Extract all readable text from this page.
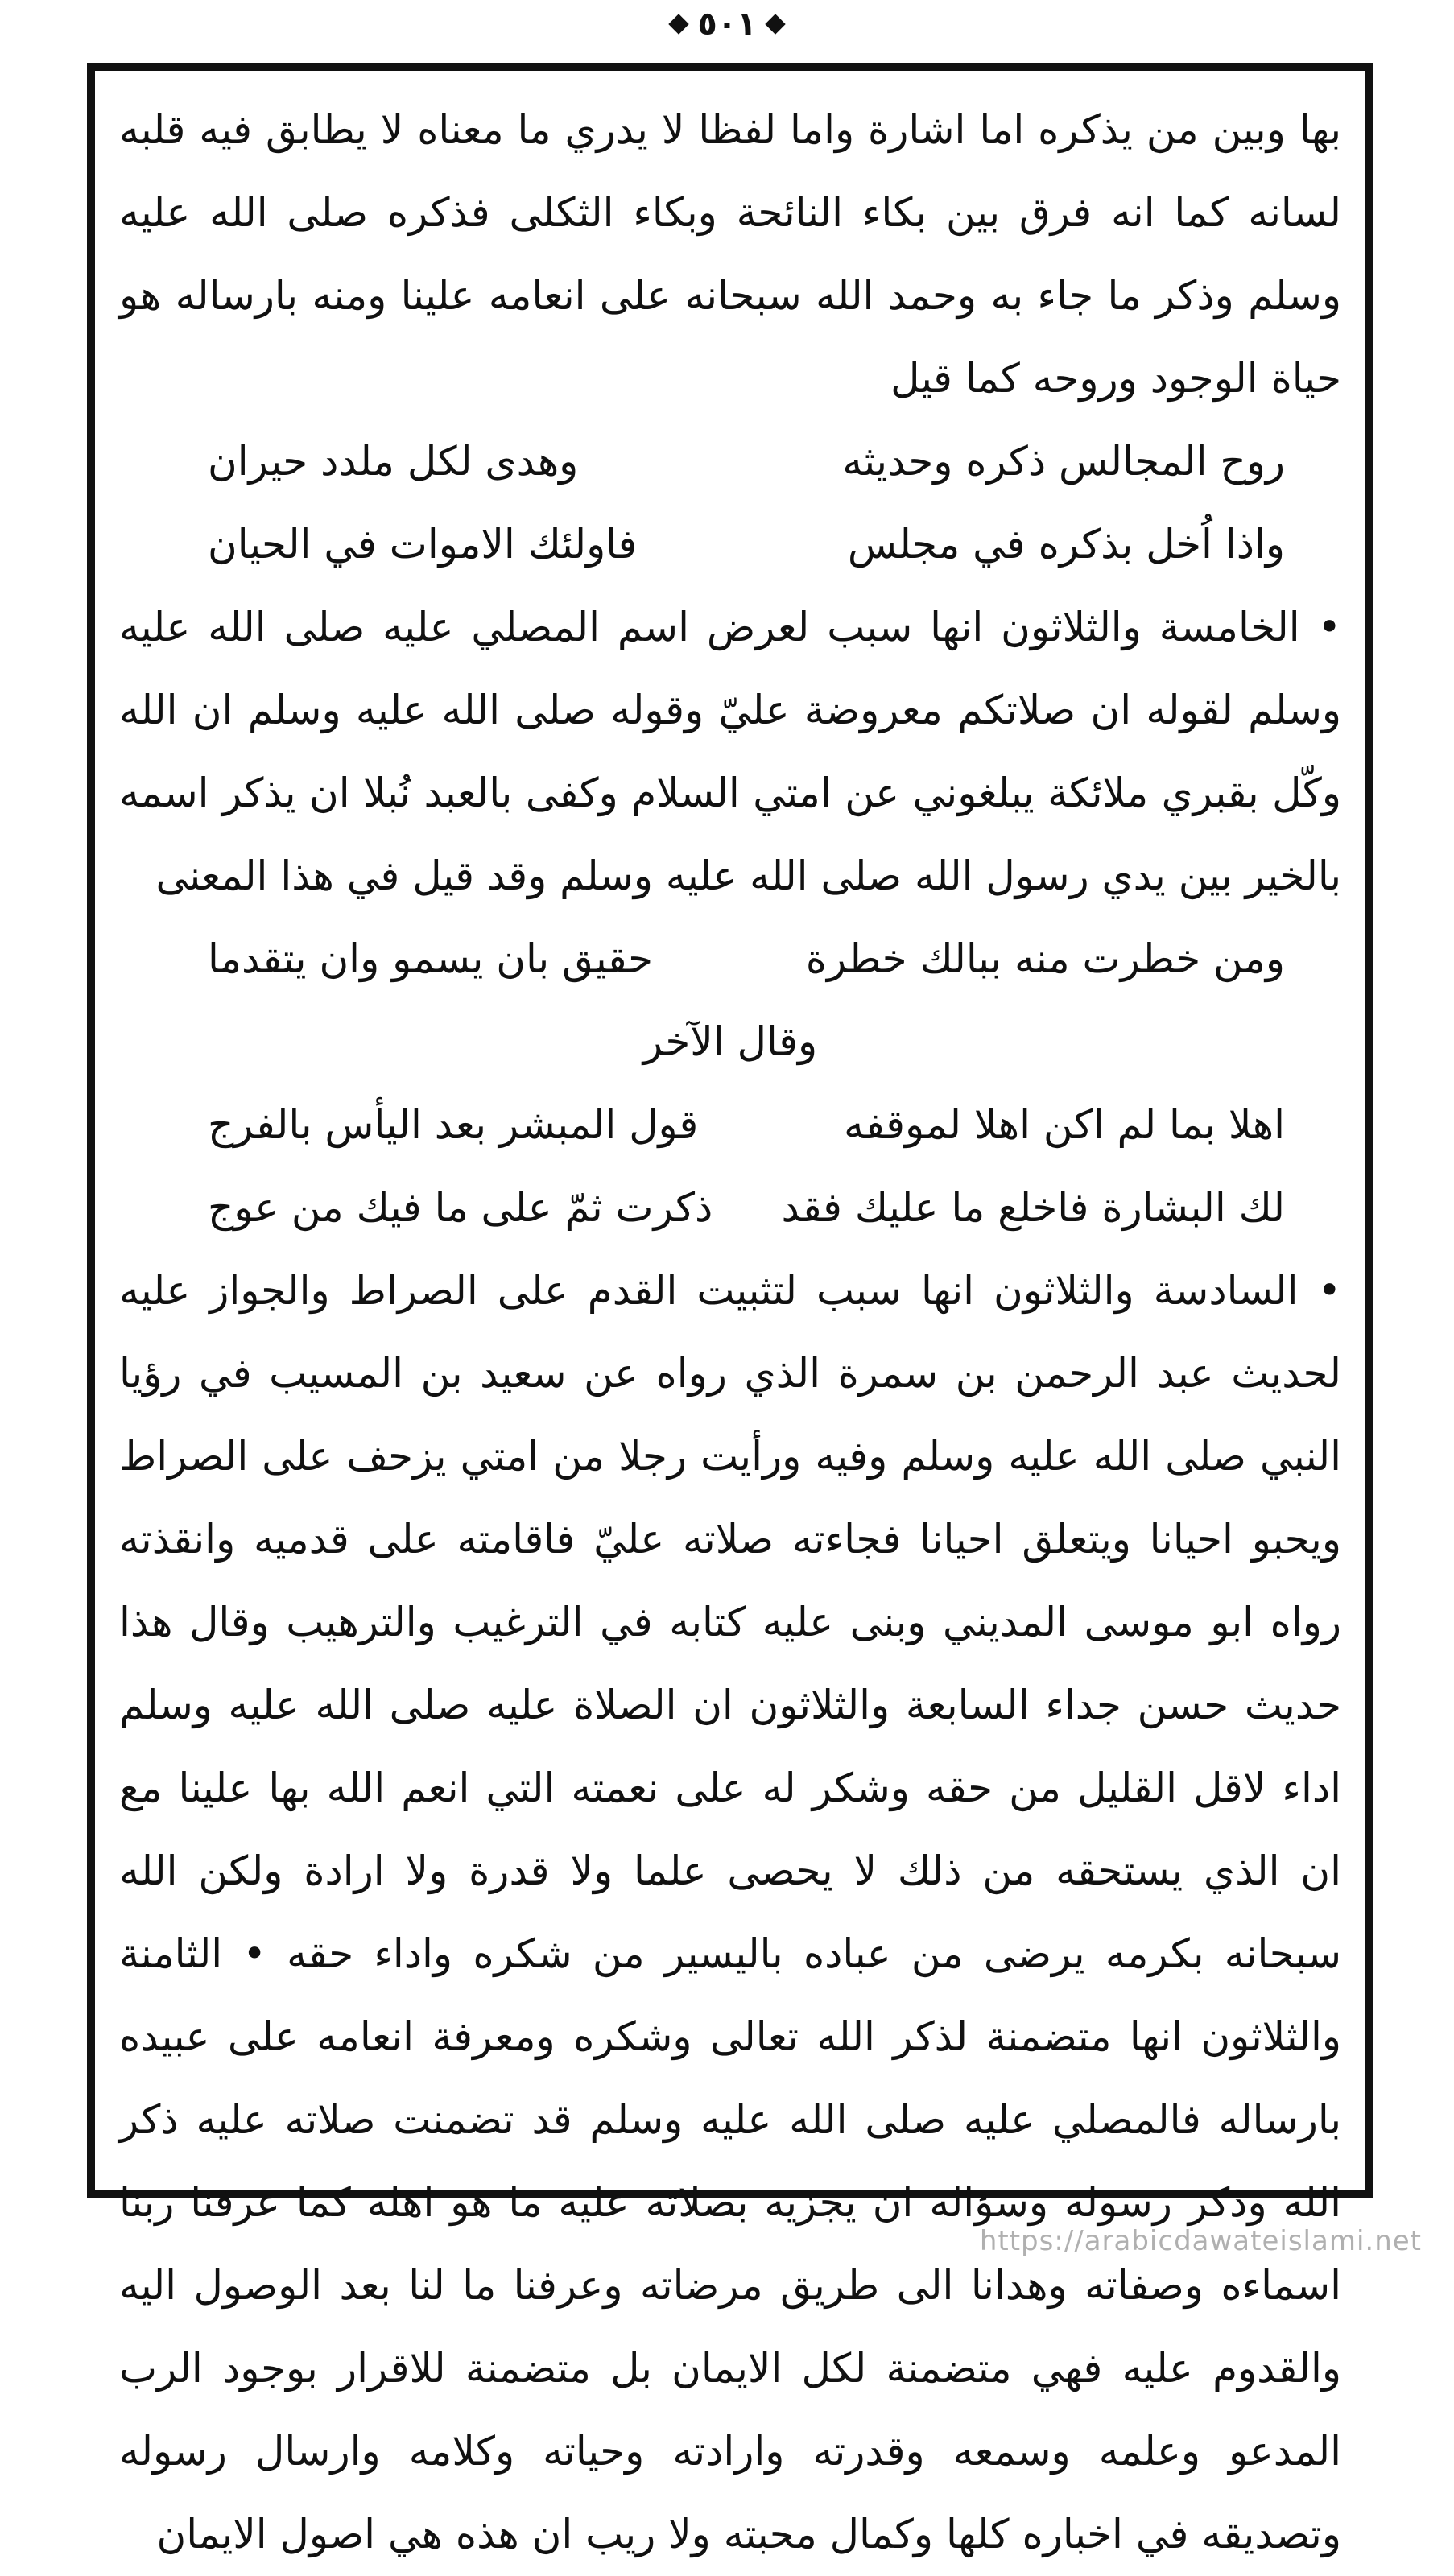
٥٠١

بها وبين من يذكره اما اشارة واما لفظا لا يدري ما معناه لا يطابق فيه قلبه لسانه كما انه فرق بين بكاء النائحة وبكاء الثكلى فذكره صلى الله عليه وسلم وذكر ما جاء به وحمد الله سبحانه على انعامه علينا ومنه بارساله هو حياة الوجود وروحه كما قيل

روح المجالس ذكره وحديثه
وهدى لكل ملدد حيران
واذا اُخل بذكره في مجلس
فاولئك الاموات في الحيان

• الخامسة والثلاثون انها سبب لعرض اسم المصلي عليه صلى الله عليه وسلم لقوله ان صلاتكم معروضة عليّ وقوله صلى الله عليه وسلم ان الله وكّل بقبري ملائكة يبلغوني عن امتي السلام وكفى بالعبد نُبلا ان يذكر اسمه بالخير بين يدي رسول الله صلى الله عليه وسلم وقد قيل في هذا المعنى

ومن خطرت منه ببالك خطرة
حقيق بان يسمو وان يتقدما
وقال الآخر
اهلا بما لم اكن اهلا لموقفه
قول المبشر بعد اليأس بالفرج
لك البشارة فاخلع ما عليك فقد
ذكرت ثمّ على ما فيك من عوج

• السادسة والثلاثون انها سبب لتثبيت القدم على الصراط والجواز عليه لحديث عبد الرحمن بن سمرة الذي رواه عن سعيد بن المسيب في رؤيا النبي صلى الله عليه وسلم وفيه ورأيت رجلا من امتي يزحف على الصراط ويحبو احيانا ويتعلق احيانا فجاءته صلاته عليّ فاقامته على قدميه وانقذته رواه ابو موسى المديني وبنى عليه كتابه في الترغيب والترهيب وقال هذا حديث حسن جداء السابعة والثلاثون ان الصلاة عليه صلى الله عليه وسلم اداء لاقل القليل من حقه وشكر له على نعمته التي انعم الله بها علينا مع ان الذي يستحقه من ذلك لا يحصى علما ولا قدرة ولا ارادة ولكن الله سبحانه بكرمه يرضى من عباده باليسير من شكره واداء حقه • الثامنة والثلاثون انها متضمنة لذكر الله تعالى وشكره ومعرفة انعامه على عبيده بارساله فالمصلي عليه صلى الله عليه وسلم قد تضمنت صلاته عليه ذكر الله وذكر رسوله وسؤاله ان يجزيه بصلاته عليه ما هو اهله كما عرفنا ربنا اسماءه وصفاته وهدانا الى طريق مرضاته وعرفنا ما لنا بعد الوصول اليه والقدوم عليه فهي متضمنة لكل الايمان بل متضمنة للاقرار بوجود الرب المدعو وعلمه وسمعه وقدرته وارادته وحياته وكلامه وارسال رسوله وتصديقه في اخباره كلها وكمال محبته ولا ريب ان هذه هي اصول الايمان

https://arabicdawateislami.net
